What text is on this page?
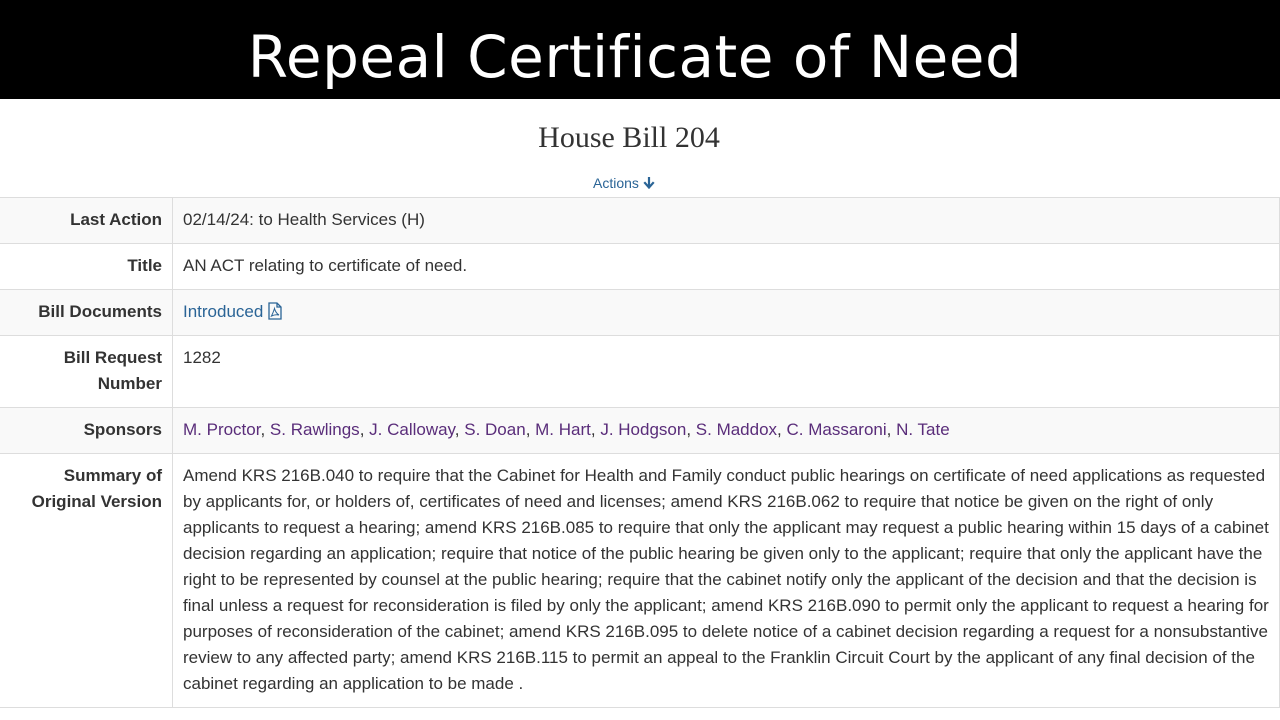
Repeal Certificate of Need
House Bill 204
Actions
Last Action	02/14/24: to Health Services (H)
Title	AN ACT relating to certificate of need.
Bill Documents	Introduced
Bill Request Number	1282
Sponsors	M. Proctor, S. Rawlings, J. Calloway, S. Doan, M. Hart, J. Hodgson, S. Maddox, C. Massaroni, N. Tate
Summary of Original Version	Amend KRS 216B.040 to require that the Cabinet for Health and Family conduct public hearings on certificate of need applications as requested by applicants for, or holders of, certificates of need and licenses; amend KRS 216B.062 to require that notice be given on the right of only applicants to request a hearing; amend KRS 216B.085 to require that only the applicant may request a public hearing within 15 days of a cabinet decision regarding an application; require that notice of the public hearing be given only to the applicant; require that only the applicant have the right to be represented by counsel at the public hearing; require that the cabinet notify only the applicant of the decision and that the decision is final unless a request for reconsideration is filed by only the applicant; amend KRS 216B.090 to permit only the applicant to request a hearing for purposes of reconsideration of the cabinet; amend KRS 216B.095 to delete notice of a cabinet decision regarding a request for a nonsubstantive review to any affected party; amend KRS 216B.115 to permit an appeal to the Franklin Circuit Court by the applicant of any final decision of the cabinet regarding an application to be made .
